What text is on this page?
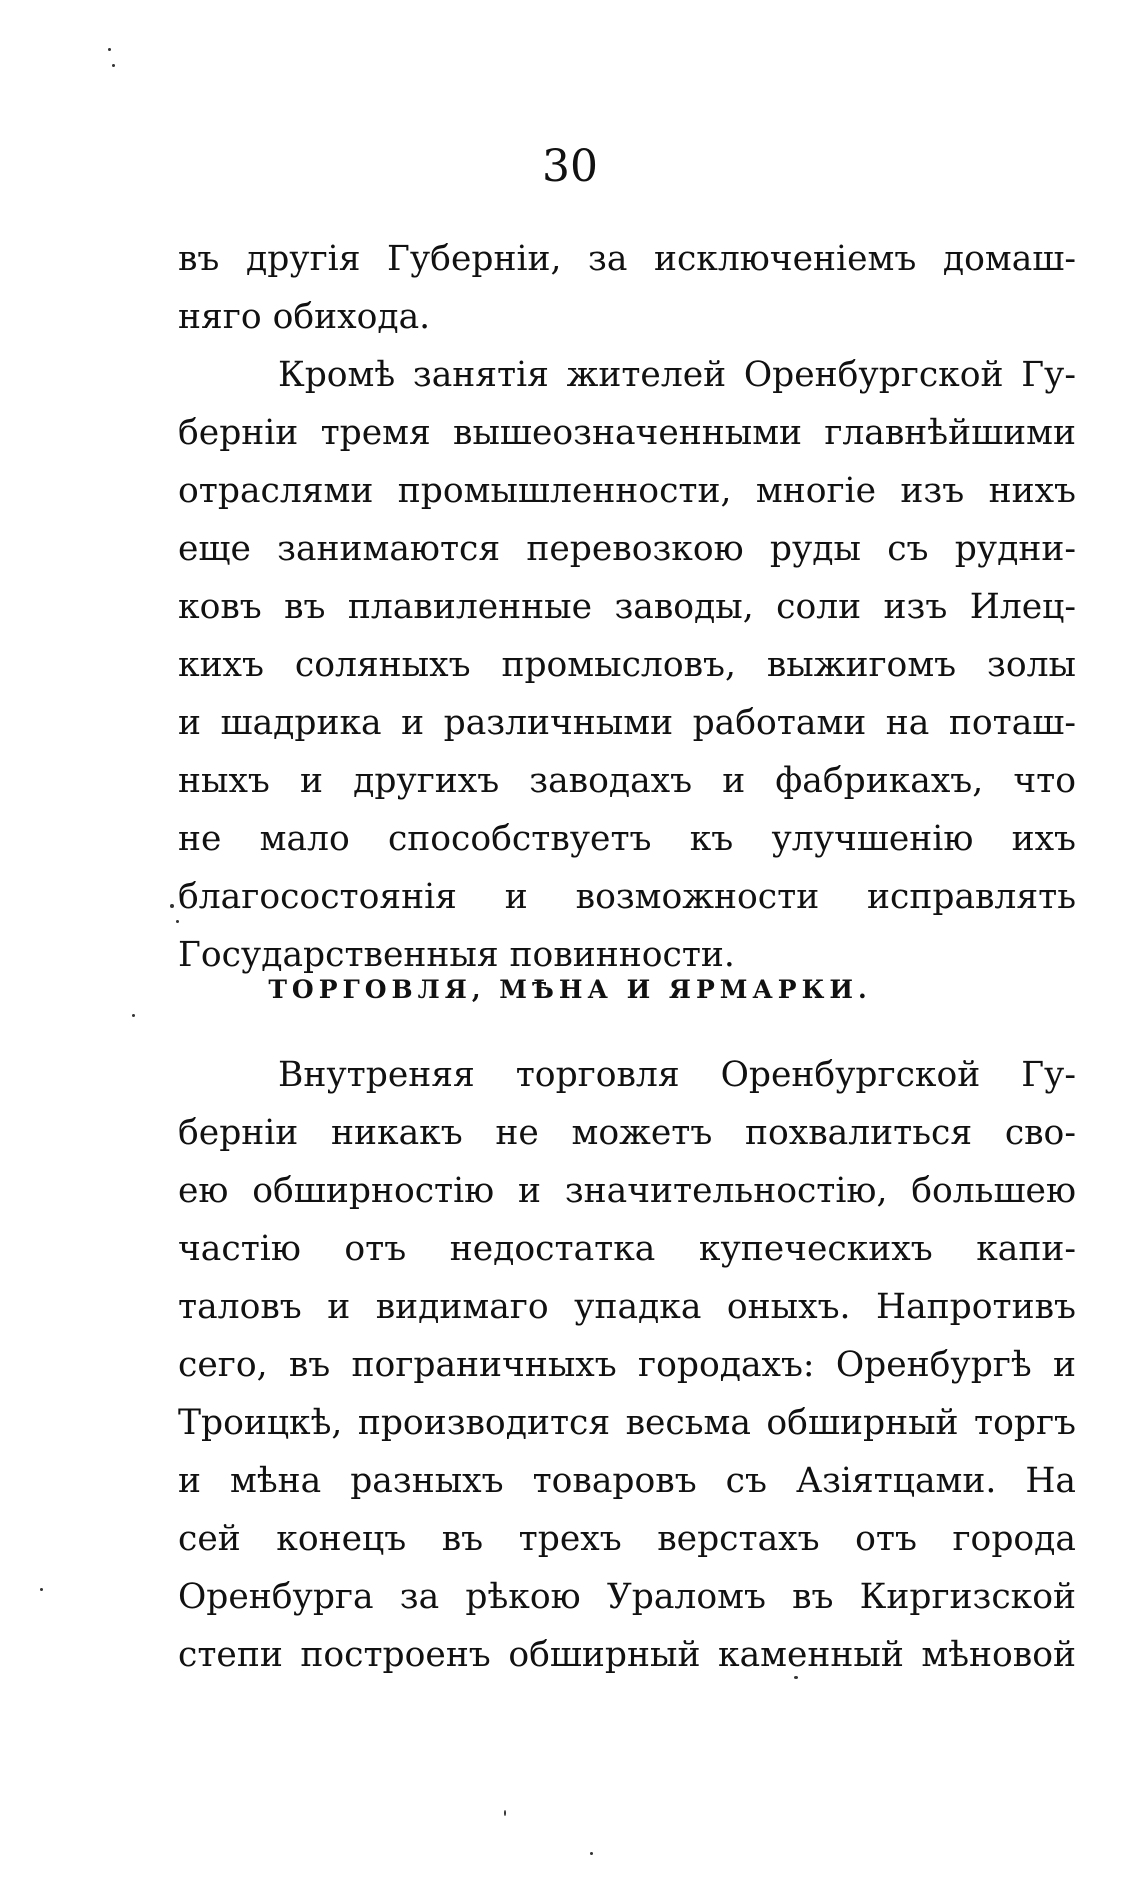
30
въ другія Губерніи, за исключеніемъ домаш-
няго обихода.
Кромѣ занятія жителей Оренбургской Гу-
берніи тремя вышеозначенными главнѣйшими
отраслями промышленности, многіе изъ нихъ
еще занимаются перевозкою руды съ рудни-
ковъ въ плавиленные заводы, соли изъ Илец-
кихъ соляныхъ промысловъ, выжигомъ золы
и шадрика и различными работами на поташ-
ныхъ и другихъ заводахъ и фабрикахъ, что
не мало способствуетъ къ улучшенію ихъ
благосостоянія и возможности исправлять
Государственныя повинности.
ТОРГОВЛЯ, МѢНА И ЯРМАРКИ.
Внутреняя торговля Оренбургской Гу-
берніи никакъ не можетъ похвалиться сво-
ею обширностію и значительностію, большею
частію отъ недостатка купеческихъ капи-
таловъ и видимаго упадка оныхъ. Напротивъ
сего, въ пограничныхъ городахъ: Оренбургѣ и
Троицкѣ, производится весьма обширный торгъ
и мѣна разныхъ товаровъ съ Азіятцами. На
сей конецъ въ трехъ верстахъ отъ города
Оренбурга за рѣкою Ураломъ въ Киргизской
степи построенъ обширный каменный мѣновой
